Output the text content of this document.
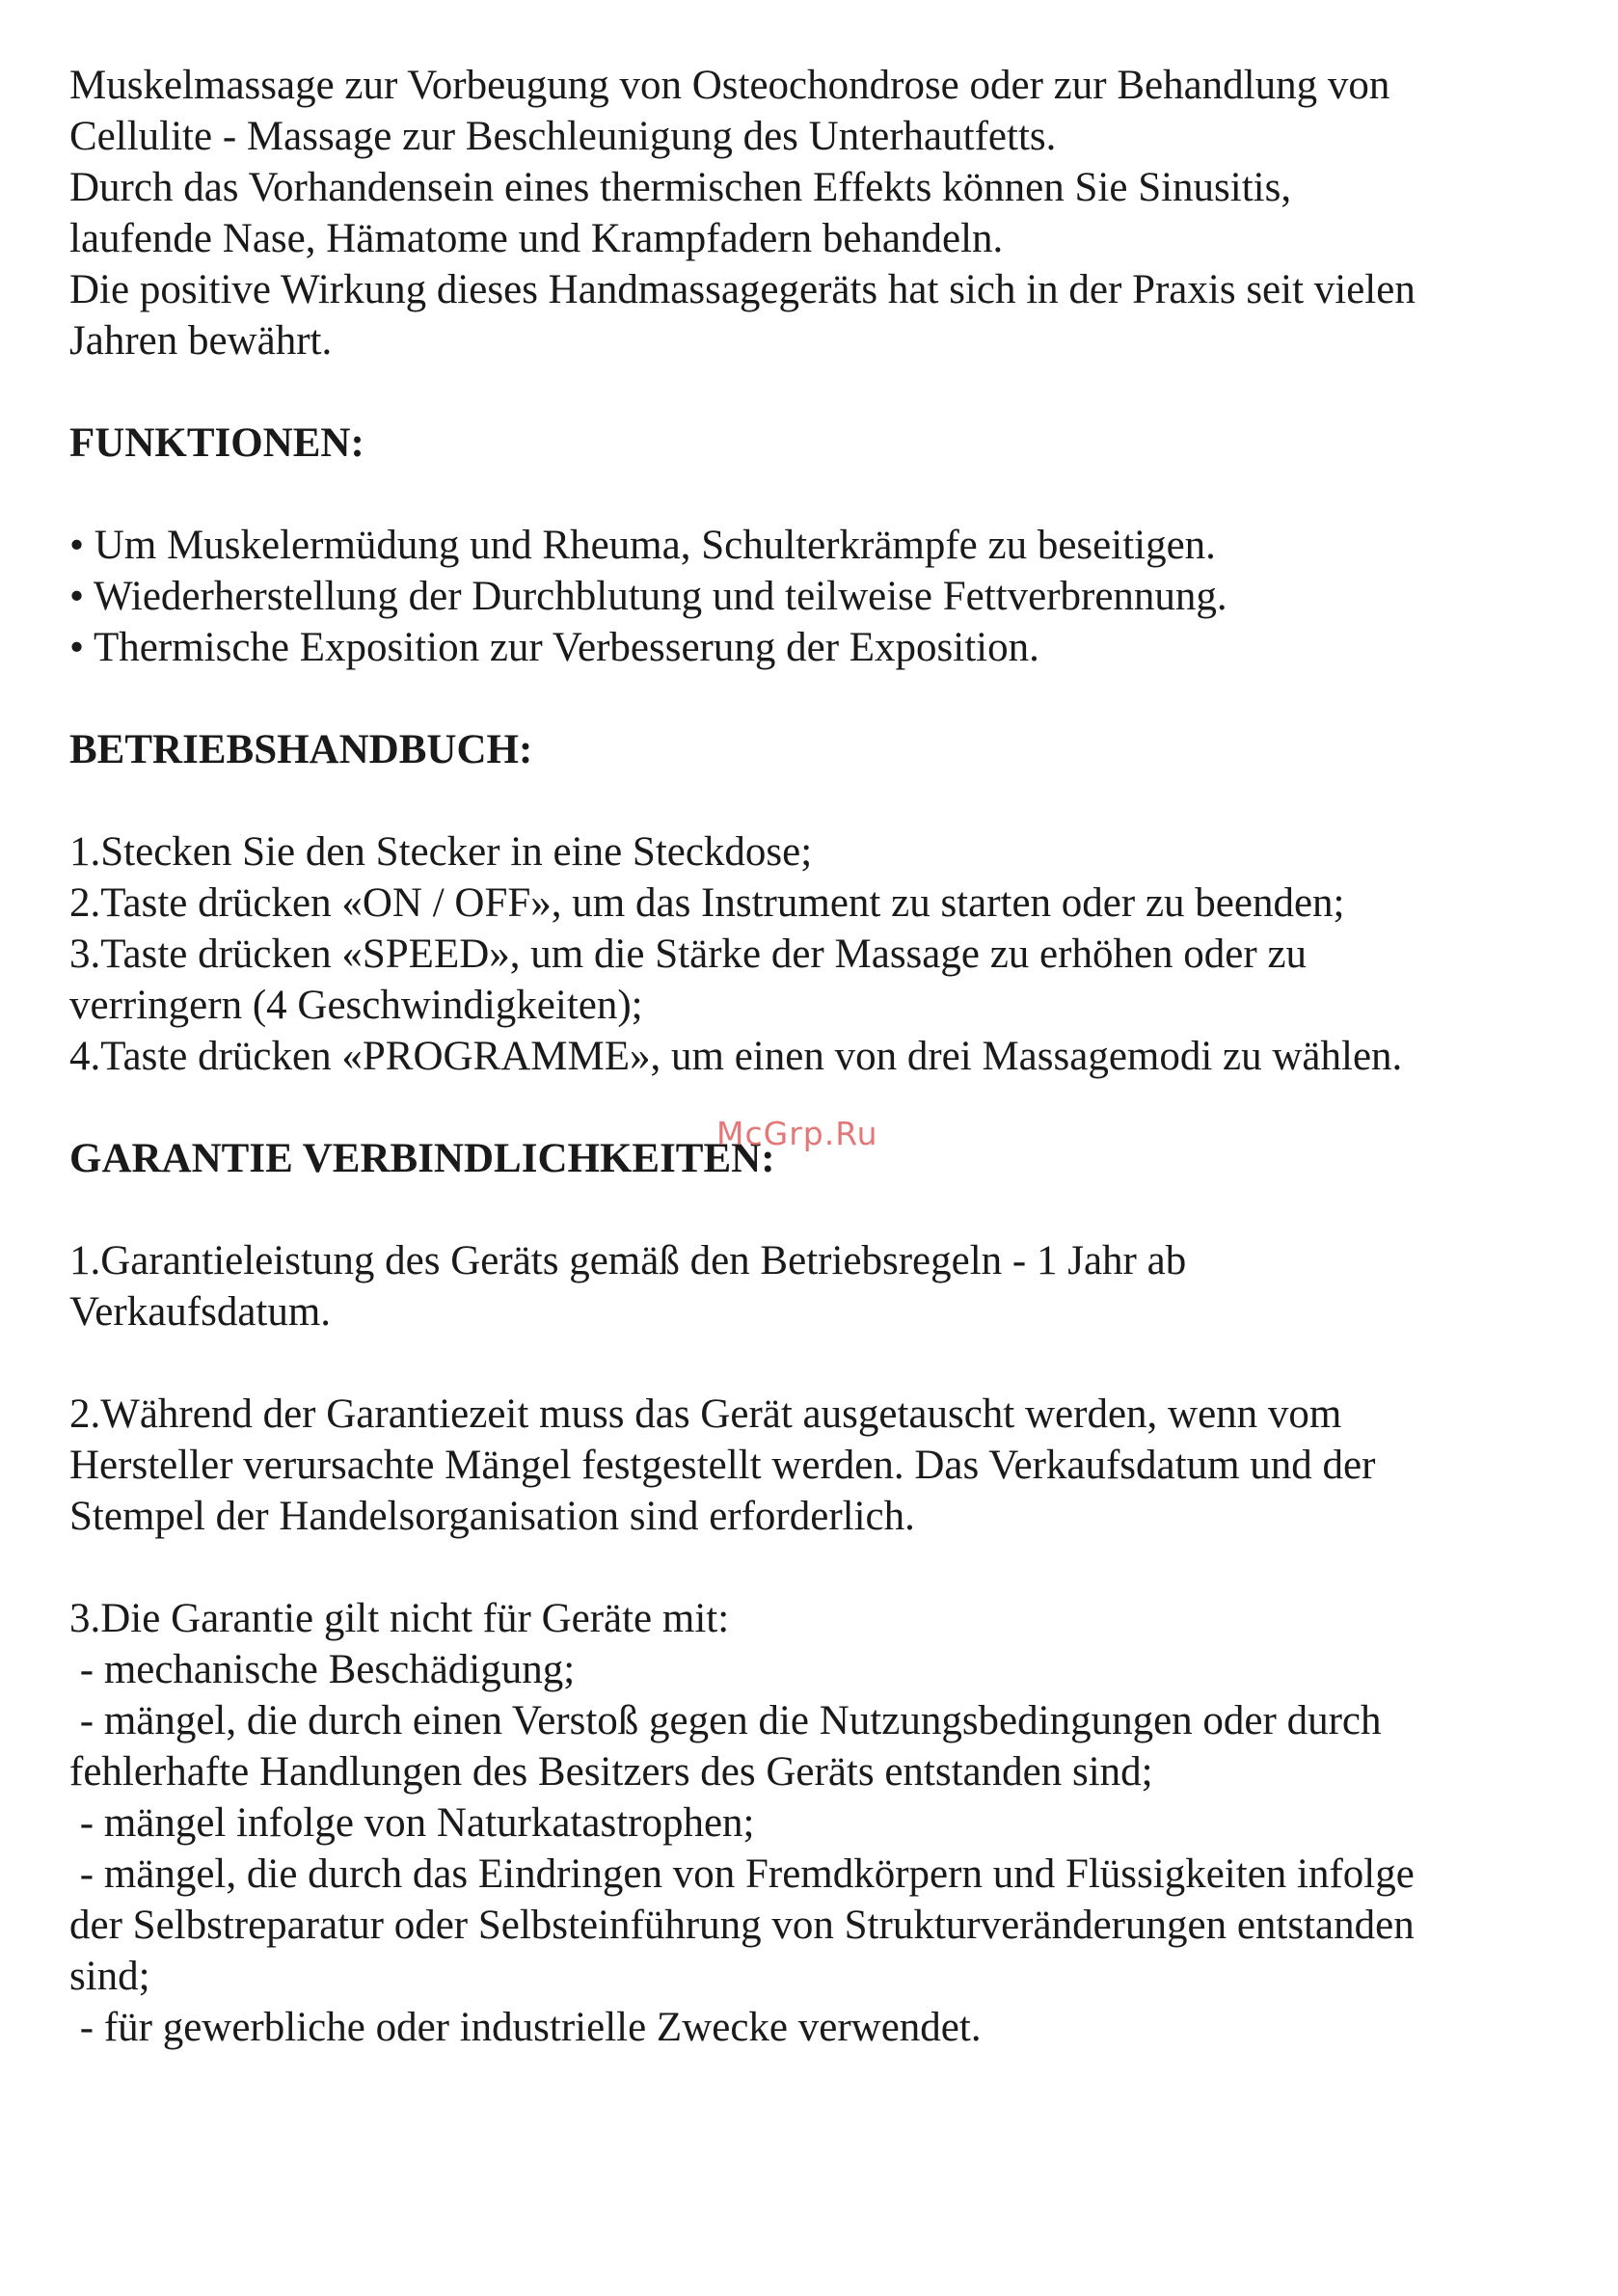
Muskelmassage zur Vorbeugung von Osteochondrose oder zur Behandlung von
Cellulite - Massage zur Beschleunigung des Unterhautfetts.
Durch das Vorhandensein eines thermischen Effekts können Sie Sinusitis,
laufende Nase, Hämatome und Krampfadern behandeln.
Die positive Wirkung dieses Handmassagegeräts hat sich in der Praxis seit vielen
Jahren bewährt.
FUNKTIONEN:
• Um Muskelermüdung und Rheuma, Schulterkrämpfe zu beseitigen.
• Wiederherstellung der Durchblutung und teilweise Fettverbrennung.
• Thermische Exposition zur Verbesserung der Exposition.
BETRIEBSHANDBUCH:
1.Stecken Sie den Stecker in eine Steckdose;
2.Taste drücken «ON / OFF», um das Instrument zu starten oder zu beenden;
3.Taste drücken «SPEED», um die Stärke der Massage zu erhöhen oder zu
verringern (4 Geschwindigkeiten);
4.Taste drücken «PROGRAMME», um einen von drei Massagemodi zu wählen.
GARANTIE VERBINDLICHKEITEN:
1.Garantieleistung des Geräts gemäß den Betriebsregeln - 1 Jahr ab
Verkaufsdatum.
2.Während der Garantiezeit muss das Gerät ausgetauscht werden, wenn vom
Hersteller verursachte Mängel festgestellt werden. Das Verkaufsdatum und der
Stempel der Handelsorganisation sind erforderlich.
3.Die Garantie gilt nicht für Geräte mit:
- mechanische Beschädigung;
- mängel, die durch einen Verstoß gegen die Nutzungsbedingungen oder durch
fehlerhafte Handlungen des Besitzers des Geräts entstanden sind;
- mängel infolge von Naturkatastrophen;
- mängel, die durch das Eindringen von Fremdkörpern und Flüssigkeiten infolge
der Selbstreparatur oder Selbsteinführung von Strukturveränderungen entstanden
sind;
- für gewerbliche oder industrielle Zwecke verwendet.
McGrp.Ru
